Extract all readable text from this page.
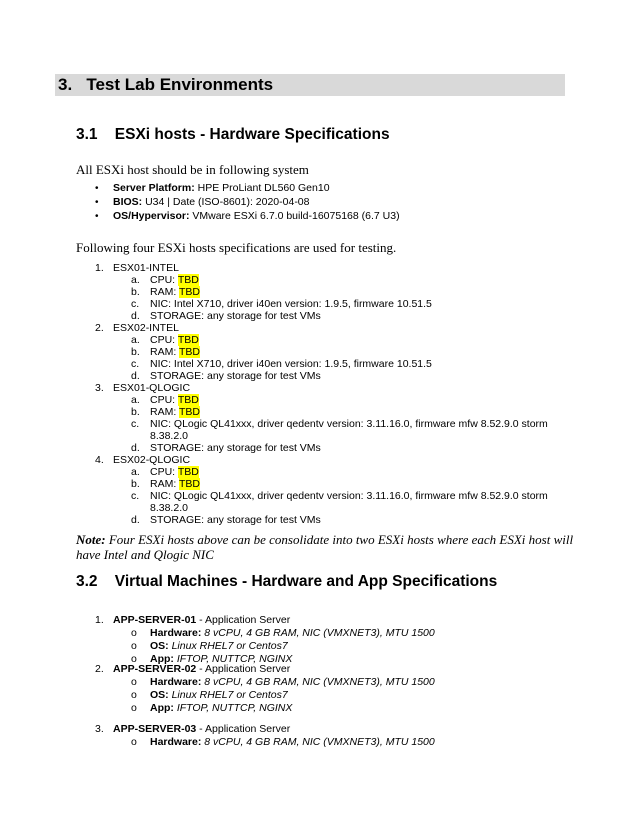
3. Test Lab Environments
3.1 ESXi hosts - Hardware Specifications
All ESXi host should be in following system
• Server Platform: HPE ProLiant DL560 Gen10
• BIOS: U34 | Date (ISO-8601): 2020-04-08
• OS/Hypervisor: VMware ESXi 6.7.0 build-16075168 (6.7 U3)
Following four ESXi hosts specifications are used for testing.
1. ESX01-INTEL
a. CPU: TBD
b. RAM: TBD
c. NIC: Intel X710, driver i40en version: 1.9.5, firmware 10.51.5
d. STORAGE: any storage for test VMs
2. ESX02-INTEL
a. CPU: TBD
b. RAM: TBD
c. NIC: Intel X710, driver i40en version: 1.9.5, firmware 10.51.5
d. STORAGE: any storage for test VMs
3. ESX01-QLOGIC
a. CPU: TBD
b. RAM: TBD
c. NIC: QLogic QL41xxx, driver qedentv version: 3.11.16.0, firmware mfw 8.52.9.0 storm
8.38.2.0
d. STORAGE: any storage for test VMs
4. ESX02-QLOGIC
a. CPU: TBD
b. RAM: TBD
c. NIC: QLogic QL41xxx, driver qedentv version: 3.11.16.0, firmware mfw 8.52.9.0 storm
8.38.2.0
d. STORAGE: any storage for test VMs
Note: Four ESXi hosts above can be consolidate into two ESXi hosts where each ESXi host will
have Intel and Qlogic NIC
3.2 Virtual Machines - Hardware and App Specifications
1. APP-SERVER-01 - Application Server
o Hardware: 8 vCPU, 4 GB RAM, NIC (VMXNET3), MTU 1500
o OS: Linux RHEL7 or Centos7
o App: IFTOP, NUTTCP, NGINX
2. APP-SERVER-02 - Application Server
o Hardware: 8 vCPU, 4 GB RAM, NIC (VMXNET3), MTU 1500
o OS: Linux RHEL7 or Centos7
o App: IFTOP, NUTTCP, NGINX
3. APP-SERVER-03 - Application Server
o Hardware: 8 vCPU, 4 GB RAM, NIC (VMXNET3), MTU 1500
